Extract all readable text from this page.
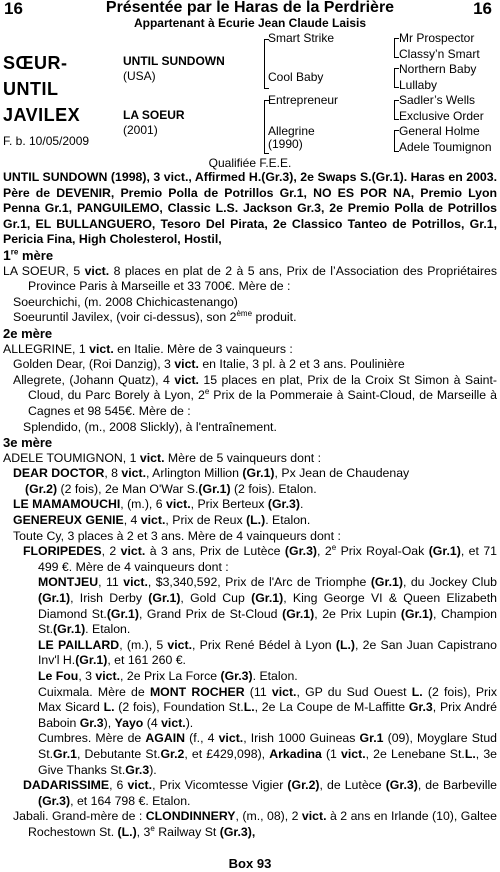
16	Présentée par le Haras de la Perdrière	16
Appartenant à Ecurie Jean Claude Laisis
SŒUR-
UNTIL
JAVILEX
F. b. 10/05/2009
UNTIL SUNDOWN
(USA)
LA SOEUR
(2001)
Smart Strike
Cool Baby
Entrepreneur
Allegrine
(1990)
Mr Prospector
Classy’n Smart
Northern Baby
Lullaby
Sadler’s Wells
Exclusive Order
General Holme
Adele Toumignon
Qualifiée F.E.E.

UNTIL SUNDOWN (1998), 3 vict., Affirmed H.(Gr.3), 2e Swaps S.(Gr.1). Haras en 2003. Père de DEVENIR, Premio Polla de Potrillos Gr.1, NO ES POR NA, Premio Lyon Penna Gr.1, PANGUILEMO, Classic L.S. Jackson Gr.3, 2e Premio Polla de Potrillos Gr.1, EL BULLANGUERO, Tesoro Del Pirata, 2e Classico Tanteo de Potrillos, Gr.1, Pericia Fina, High Cholesterol, Hostil,

1re mère

LA SOEUR, 5 vict. 8 places en plat de 2 à 5 ans, Prix de l’Association des Propriétaires Province Paris à Marseille et 33 700€. Mère de :

Soeurchichi, (m. 2008 Chichicastenango)

Soeuruntil Javilex, (voir ci-dessus), son 2ème produit.

2e mère

ALLEGRINE, 1 vict. en Italie. Mère de 3 vainqueurs :

Golden Dear, (Roi Danzig), 3 vict. en Italie, 3 pl. à 2 et 3 ans. Poulinière

Allegrete, (Johann Quatz), 4 vict. 15 places en plat, Prix de la Croix St Simon à Saint-Cloud, du Parc Borely à Lyon, 2e Prix de la Pommeraie à Saint-Cloud, de Marseille à Cagnes et 98 545€. Mère de :

Splendido, (m., 2008 Slickly), à l'entraînement.

3e mère

ADELE TOUMIGNON, 1 vict. Mère de 5 vainqueurs dont :

DEAR DOCTOR, 8 vict., Arlington Million (Gr.1), Px Jean de Chaudenay

(Gr.2) (2 fois), 2e Man O'War S.(Gr.1) (2 fois). Etalon.

LE MAMAMOUCHI, (m.), 6 vict., Prix Berteux (Gr.3).

GENEREUX GENIE, 4 vict., Prix de Reux (L.). Etalon.

Toute Cy, 3 places à 2 et 3 ans. Mère de 4 vainqueurs dont :

FLORIPEDES, 2 vict. à 3 ans, Prix de Lutèce (Gr.3), 2e Prix Royal-Oak (Gr.1), et 71 499 €. Mère de 4 vainqueurs dont :

MONTJEU, 11 vict., $3,340,592, Prix de l'Arc de Triomphe (Gr.1), du Jockey Club (Gr.1), Irish Derby (Gr.1), Gold Cup (Gr.1), King George VI & Queen Elizabeth Diamond St.(Gr.1), Grand Prix de St-Cloud (Gr.1), 2e Prix Lupin (Gr.1), Champion St.(Gr.1). Etalon.

LE PAILLARD, (m.), 5 vict., Prix René Bédel à Lyon (L.), 2e San Juan Capistrano Inv'l H.(Gr.1), et 161 260 €.

Le Fou, 3 vict., 2e Prix La Force (Gr.3). Etalon.

Cuixmala. Mère de MONT ROCHER (11 vict., GP du Sud Ouest L. (2 fois), Prix Max Sicard L. (2 fois), Foundation St.L., 2e La Coupe de M-Laffitte Gr.3, Prix André Baboin Gr.3), Yayo (4 vict.).

Cumbres. Mère de AGAIN (f., 4 vict., Irish 1000 Guineas Gr.1 (09), Moyglare Stud St.Gr.1, Debutante St.Gr.2, et £429,098), Arkadina (1 vict., 2e Lenebane St.L., 3e Give Thanks St.Gr.3).

DADARISSIME, 6 vict., Prix Vicomtesse Vigier (Gr.2), de Lutèce (Gr.3), de Barbeville (Gr.3), et 164 798 €. Etalon.

Jabali. Grand-mère de : CLONDINNERY, (m., 08), 2 vict. à 2 ans en Irlande (10), Galtee Rochestown St. (L.), 3e Railway St (Gr.3),

Box 93
